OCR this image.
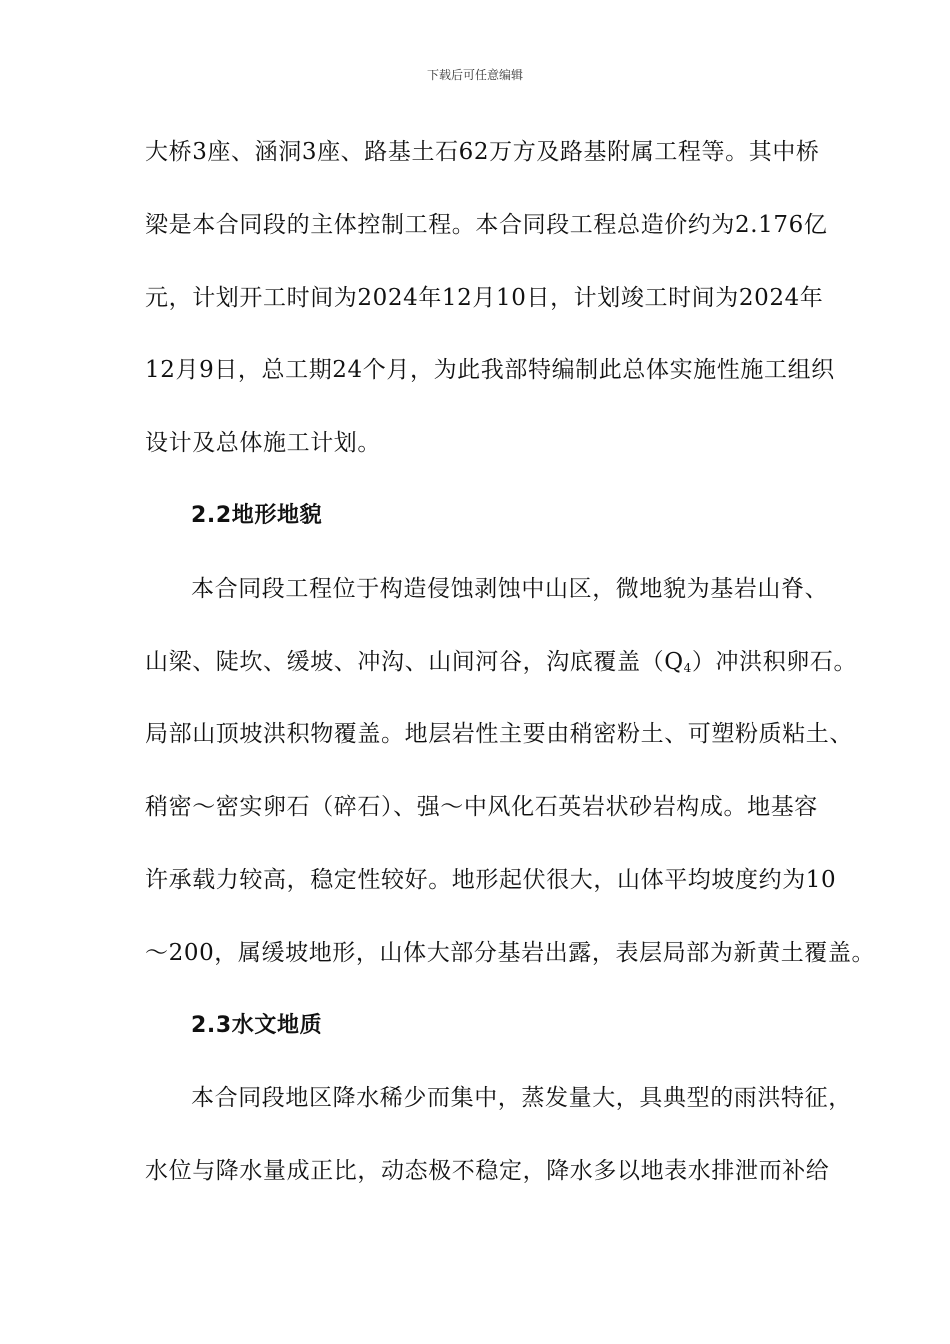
下载后可任意编辑
大桥3座、涵洞3座、路基土石62万方及路基附属工程等。其中桥
梁是本合同段的主体控制工程。本合同段工程总造价约为2.176亿
元，计划开工时间为2024年12月10日，计划竣工时间为2024年
12月9日，总工期24个月，为此我部特编制此总体实施性施工组织
设计及总体施工计划。
2.2地形地貌
本合同段工程位于构造侵蚀剥蚀中山区，微地貌为基岩山脊、
山梁、陡坎、缓坡、冲沟、山间河谷，沟底覆盖$(Q_4)$冲洪积卵石。
局部山顶坡洪积物覆盖。地层岩性主要由稍密粉土、可塑粉质粘土、
稍密～密实卵石（碎石）、强～中风化石英岩状砂岩构成。地基容
许承载力较高，稳定性较好。地形起伏很大，山体平均坡度约为10
～200，属缓坡地形，山体大部分基岩出露，表层局部为新黄土覆盖。
2.3水文地质
本合同段地区降水稀少而集中，蒸发量大，具典型的雨洪特征，
水位与降水量成正比，动态极不稳定，降水多以地表水排泄而补给
